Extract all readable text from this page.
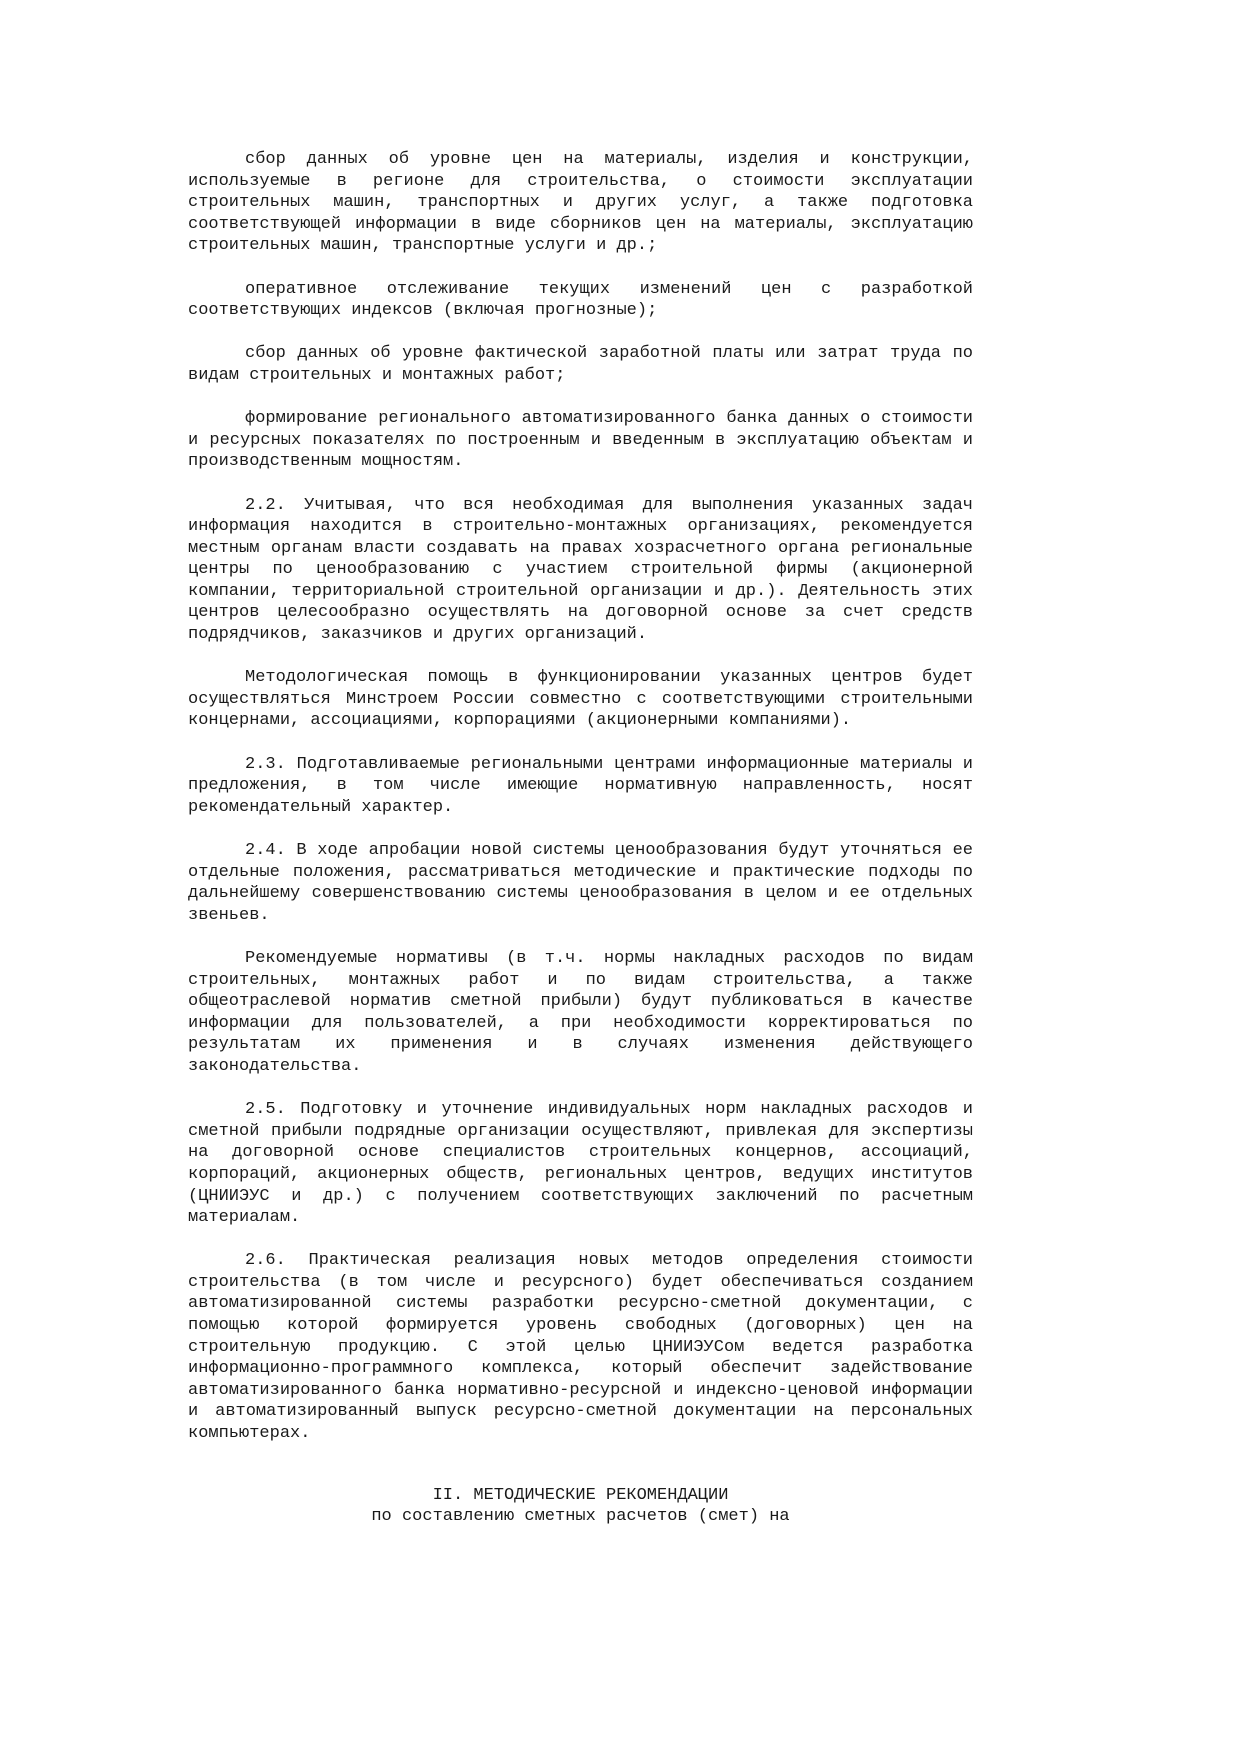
сбор данных об уровне цен на материалы, изделия и конструкции, используемые в регионе для строительства, о стоимости эксплуатации строительных машин, транспортных и других услуг, а также подготовка соответствующей информации в виде сборников цен на материалы, эксплуатацию строительных машин, транспортные услуги и др.;

оперативное отслеживание текущих изменений цен с разработкой соответствующих индексов (включая прогнозные);

сбор данных об уровне фактической заработной платы или затрат труда по видам строительных и монтажных работ;

формирование регионального автоматизированного банка данных о стоимости и ресурсных показателях по построенным и введенным в эксплуатацию объектам и производственным мощностям.

2.2. Учитывая, что вся необходимая для выполнения указанных задач информация находится в строительно-монтажных организациях, рекомендуется местным органам власти создавать на правах хозрасчетного органа региональные центры по ценообразованию с участием строительной фирмы (акционерной компании, территориальной строительной организации и др.). Деятельность этих центров целесообразно осуществлять на договорной основе за счет средств подрядчиков, заказчиков и других организаций.

Методологическая помощь в функционировании указанных центров будет осуществляться Минстроем России совместно с соответствующими строительными концернами, ассоциациями, корпорациями (акционерными компаниями).

2.3. Подготавливаемые региональными центрами информационные материалы и предложения, в том числе имеющие нормативную направленность, носят рекомендательный характер.

2.4. В ходе апробации новой системы ценообразования будут уточняться ее отдельные положения, рассматриваться методические и практические подходы по дальнейшему совершенствованию системы ценообразования в целом и ее отдельных звеньев.

Рекомендуемые нормативы (в т.ч. нормы накладных расходов по видам строительных, монтажных работ и по видам строительства, а также общеотраслевой норматив сметной прибыли) будут публиковаться в качестве информации для пользователей, а при необходимости корректироваться по результатам их применения и в случаях изменения действующего законодательства.

2.5. Подготовку и уточнение индивидуальных норм накладных расходов и сметной прибыли подрядные организации осуществляют, привлекая для экспертизы на договорной основе специалистов строительных концернов, ассоциаций, корпораций, акционерных обществ, региональных центров, ведущих институтов (ЦНИИЭУС и др.) с получением соответствующих заключений по расчетным материалам.

2.6. Практическая реализация новых методов определения стоимости строительства (в том числе и ресурсного) будет обеспечиваться созданием автоматизированной системы разработки ресурсно-сметной документации, с помощью которой формируется уровень свободных (договорных) цен на строительную продукцию. С этой целью ЦНИИЭУСом ведется разработка информационно-программного комплекса, который обеспечит задействование автоматизированного банка нормативно-ресурсной и индексно-ценовой информации и автоматизированный выпуск ресурсно-сметной документации на персональных компьютерах.

II. МЕТОДИЧЕСКИЕ РЕКОМЕНДАЦИИ
по составлению сметных расчетов (смет) на
